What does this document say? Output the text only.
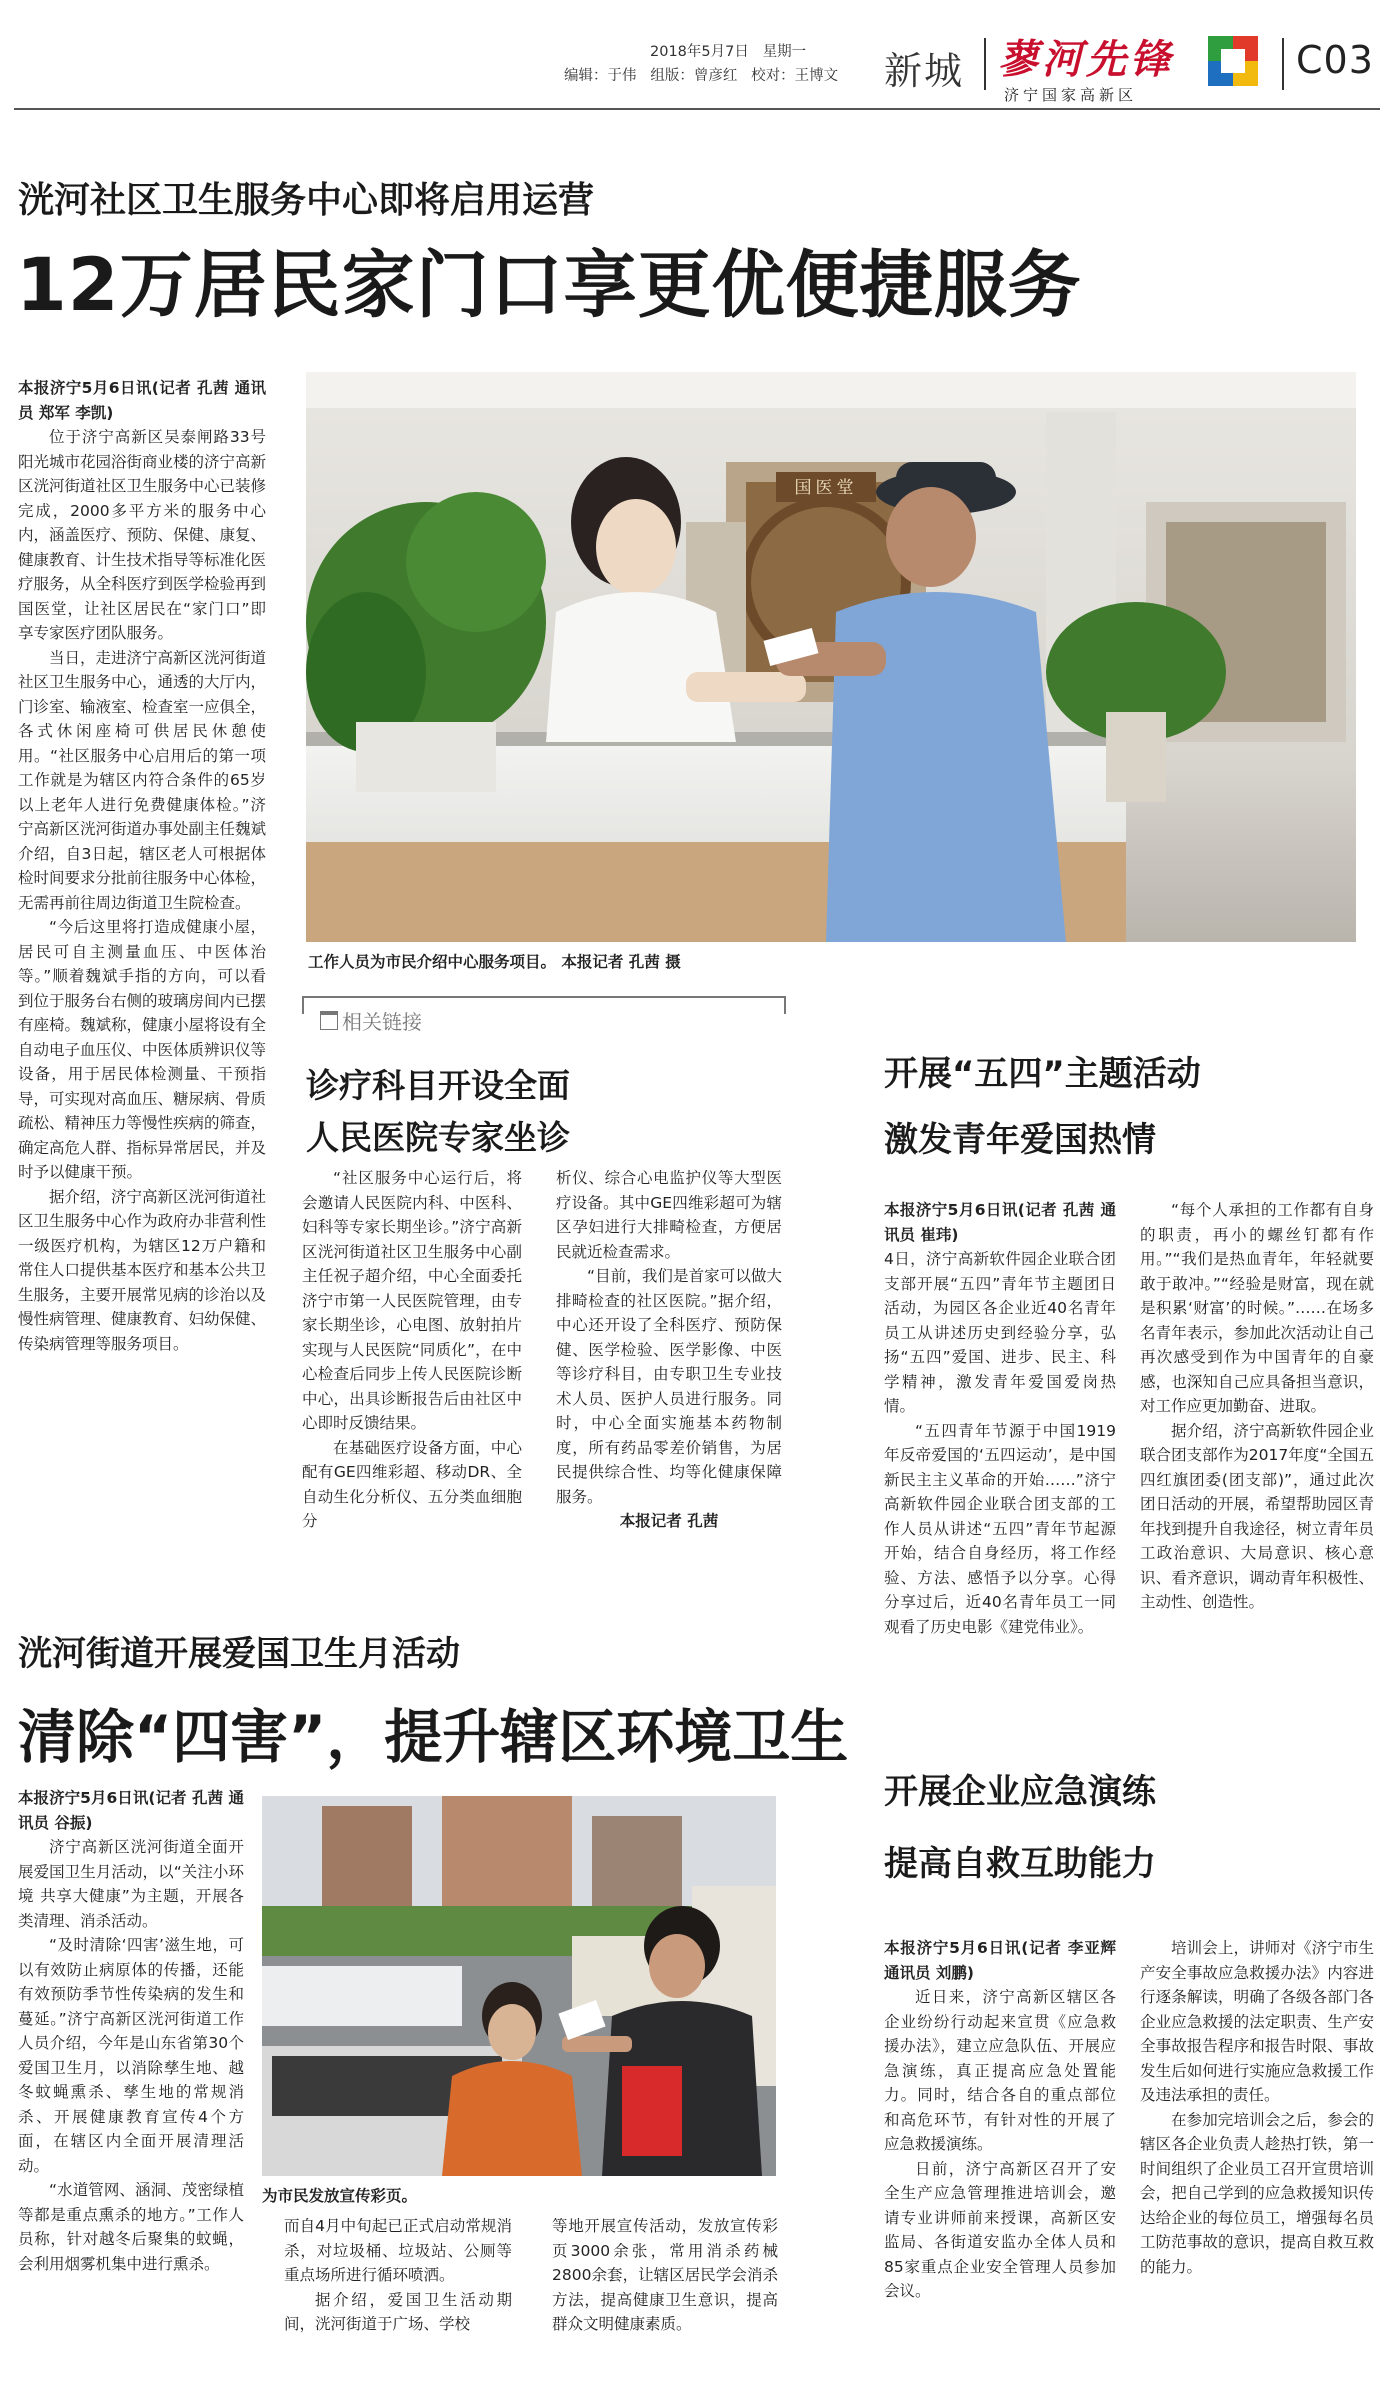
2018年5月7日 星期一
编辑：于伟 组版：曾彦红 校对：王博文 新城 蓼河先锋
济宁国家高新区
C03
洸河社区卫生服务中心即将启用运营
12万居民家门口享更优便捷服务

本报济宁5月6日讯(记者 孔茜 通讯员 郑军 李凯)

位于济宁高新区吴泰闸路33号阳光城市花园浴街商业楼的济宁高新区洸河街道社区卫生服务中心已装修完成，2000多平方米的服务中心内，涵盖医疗、预防、保健、康复、健康教育、计生技术指导等标准化医疗服务，从全科医疗到医学检验再到国医堂，让社区居民在“家门口”即享专家医疗团队服务。

当日，走进济宁高新区洸河街道社区卫生服务中心，通透的大厅内，门诊室、输液室、检查室一应俱全，各式休闲座椅可供居民休憩使用。“社区服务中心启用后的第一项工作就是为辖区内符合条件的65岁以上老年人进行免费健康体检。”济宁高新区洸河街道办事处副主任魏斌介绍，自3日起，辖区老人可根据体检时间要求分批前往服务中心体检，无需再前往周边街道卫生院检查。

“今后这里将打造成健康小屋，居民可自主测量血压、中医体治等。”顺着魏斌手指的方向，可以看到位于服务台右侧的玻璃房间内已摆有座椅。魏斌称，健康小屋将设有全自动电子血压仪、中医体质辨识仪等设备，用于居民体检测量、干预指导，可实现对高血压、糖尿病、骨质疏松、精神压力等慢性疾病的筛查，确定高危人群、指标异常居民，并及时予以健康干预。

据介绍，济宁高新区洸河街道社区卫生服务中心作为政府办非营利性一级医疗机构，为辖区12万户籍和常住人口提供基本医疗和基本公共卫生服务，主要开展常见病的诊治以及慢性病管理、健康教育、妇幼保健、传染病管理等服务项目。

国医堂
工作人员为市民介绍中心服务项目。 本报记者 孔茜 摄
相关链接
诊疗科目开设全面
人民医院专家坐诊

“社区服务中心运行后，将会邀请人民医院内科、中医科、妇科等专家长期坐诊。”济宁高新区洸河街道社区卫生服务中心副主任祝子超介绍，中心全面委托济宁市第一人民医院管理，由专家长期坐诊，心电图、放射拍片实现与人民医院“同质化”，在中心检查后同步上传人民医院诊断中心，出具诊断报告后由社区中心即时反馈结果。

在基础医疗设备方面，中心配有GE四维彩超、移动DR、全自动生化分析仪、五分类血细胞分

析仪、综合心电监护仪等大型医疗设备。其中GE四维彩超可为辖区孕妇进行大排畸检查，方便居民就近检查需求。

“目前，我们是首家可以做大排畸检查的社区医院。”据介绍，中心还开设了全科医疗、预防保健、医学检验、医学影像、中医等诊疗科目，由专职卫生专业技术人员、医护人员进行服务。同时，中心全面实施基本药物制度，所有药品零差价销售，为居民提供综合性、均等化健康保障服务。

本报记者 孔茜

开展“五四”主题活动
激发青年爱国热情

本报济宁5月6日讯(记者 孔茜 通讯员 崔玮)

4日，济宁高新软件园企业联合团支部开展“五四”青年节主题团日活动，为园区各企业近40名青年员工从讲述历史到经验分享，弘扬“五四”爱国、进步、民主、科学精神，激发青年爱国爱岗热情。

“五四青年节源于中国1919年反帝爱国的‘五四运动’，是中国新民主主义革命的开始……”济宁高新软件园企业联合团支部的工作人员从讲述“五四”青年节起源开始，结合自身经历，将工作经验、方法、感悟予以分享。心得分享过后，近40名青年员工一同观看了历史电影《建党伟业》。

“每个人承担的工作都有自身的职责，再小的螺丝钉都有作用。”“我们是热血青年，年轻就要敢于敢冲。”“经验是财富，现在就是积累‘财富’的时候。”……在场多名青年表示，参加此次活动让自己再次感受到作为中国青年的自豪感，也深知自己应具备担当意识，对工作应更加勤奋、进取。

据介绍，济宁高新软件园企业联合团支部作为2017年度“全国五四红旗团委(团支部)”，通过此次团日活动的开展，希望帮助园区青年找到提升自我途径，树立青年员工政治意识、大局意识、核心意识、看齐意识，调动青年积极性、主动性、创造性。

洸河街道开展爱国卫生月活动
清除“四害”，提升辖区环境卫生

本报济宁5月6日讯(记者 孔茜 通讯员 谷振)

济宁高新区洸河街道全面开展爱国卫生月活动，以“关注小环境 共享大健康”为主题，开展各类清理、消杀活动。

“及时清除‘四害’滋生地，可以有效防止病原体的传播，还能有效预防季节性传染病的发生和蔓延。”济宁高新区洸河街道工作人员介绍，今年是山东省第30个爱国卫生月，以消除孳生地、越冬蚊蝇熏杀、孳生地的常规消杀、开展健康教育宣传4个方面，在辖区内全面开展清理活动。

“水道管网、涵洞、茂密绿植等都是重点熏杀的地方。”工作人员称，针对越冬后聚集的蚊蝇，会利用烟雾机集中进行熏杀。

为市民发放宣传彩页。

而自4月中旬起已正式启动常规消杀，对垃圾桶、垃圾站、公厕等重点场所进行循环喷洒。

据介绍，爱国卫生活动期间，洸河街道于广场、学校

等地开展宣传活动，发放宣传彩页3000余张，常用消杀药械2800余套，让辖区居民学会消杀方法，提高健康卫生意识，提高群众文明健康素质。

开展企业应急演练
提高自救互助能力

本报济宁5月6日讯(记者 李亚辉 通讯员 刘鹏)

近日来，济宁高新区辖区各企业纷纷行动起来宣贯《应急救援办法》，建立应急队伍、开展应急演练，真正提高应急处置能力。同时，结合各自的重点部位和高危环节，有针对性的开展了应急救援演练。

日前，济宁高新区召开了安全生产应急管理推进培训会，邀请专业讲师前来授课，高新区安监局、各街道安监办全体人员和85家重点企业安全管理人员参加会议。

培训会上，讲师对《济宁市生产安全事故应急救援办法》内容进行逐条解读，明确了各级各部门各企业应急救援的法定职责、生产安全事故报告程序和报告时限、事故发生后如何进行实施应急救援工作及违法承担的责任。

在参加完培训会之后，参会的辖区各企业负责人趁热打铁，第一时间组织了企业员工召开宣贯培训会，把自己学到的应急救援知识传达给企业的每位员工，增强每名员工防范事故的意识，提高自救互救的能力。
